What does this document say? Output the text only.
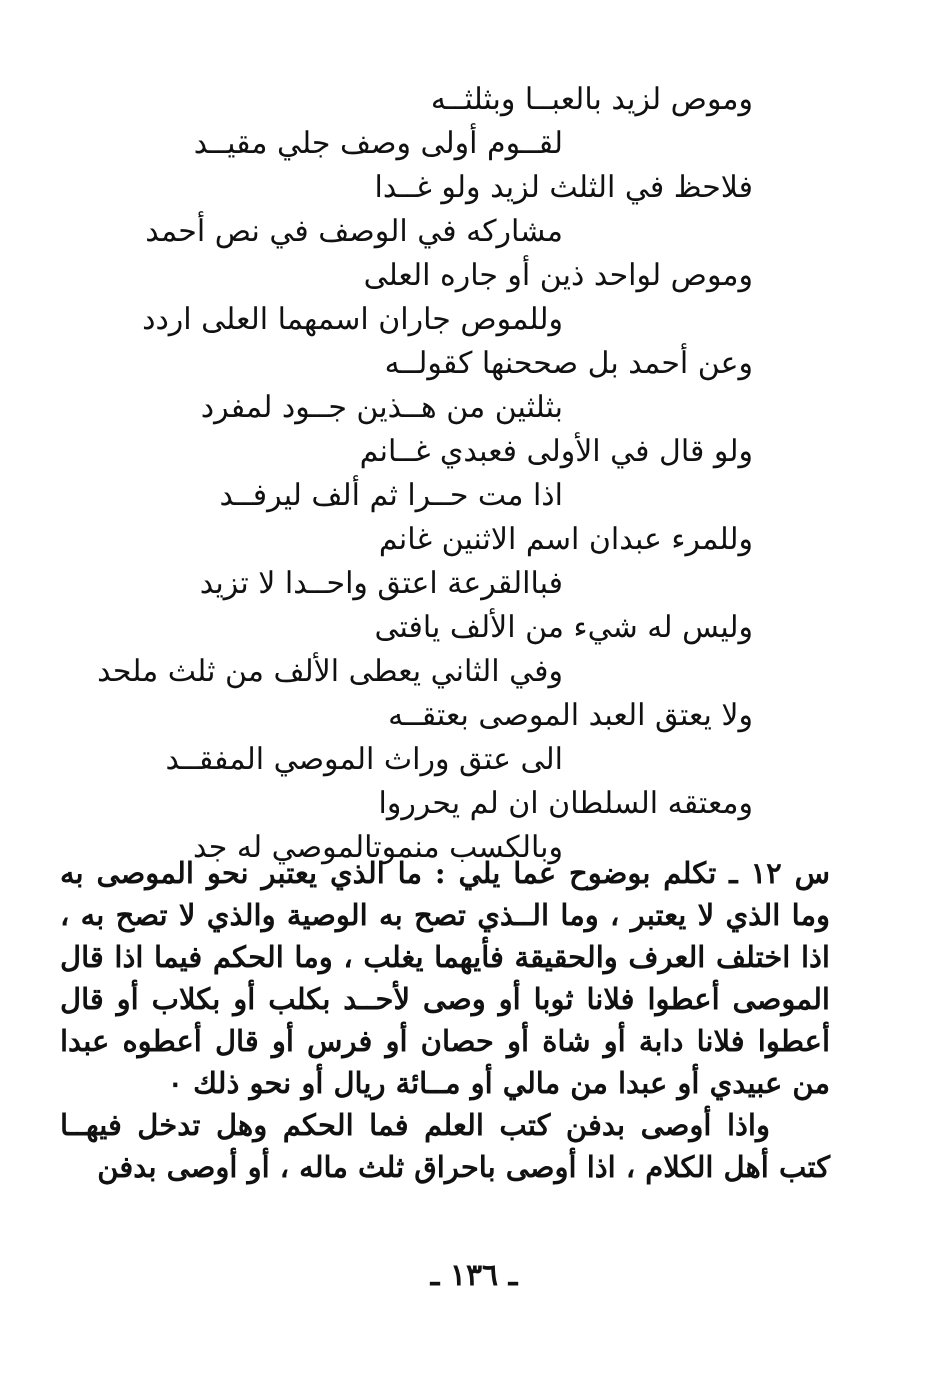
وموص لزيد بالعبــا وبثلثــه
لقــوم أولى وصف جلي مقيــد
فلاحظ في الثلث لزيد ولو غــدا
مشاركه في الوصف في نص أحمد
وموص لواحد ذين أو جاره العلى
وللموص جاران اسمهما العلى اردد
وعن أحمد بل صححنها كقولــه
بثلثين من هــذين جــود لمفرد
ولو قال في الأولى فعبدي غــانم
اذا مت حــرا ثم ألف ليرفــد
وللمرء عبدان اسم الاثنين غانم
فباالقرعة اعتق واحــدا لا تزيد
وليس له شيء من الألف يافتى
وفي الثاني يعطى الألف من ثلث ملحد
ولا يعتق العبد الموصى بعتقــه
الى عتق وراث الموصي المفقــد
ومعتقه السلطان ان لم يحرروا
وبالكسب منموتالموصي له جد

س ١٢ ـ تكلم بوضوح عما يلي : ما الذي يعتبر نحو الموصى به وما الذي لا يعتبر ، وما الــذي تصح به الوصية والذي لا تصح به ، اذا اختلف العرف والحقيقة فأيهما يغلب ، وما الحكم فيما اذا قال الموصى أعطوا فلانا ثوبا أو وصى لأحــد بكلب أو بكلاب أو قال أعطوا فلانا دابة أو شاة أو حصان أو فرس أو قال أعطوه عبدا من عبيدي أو عبدا من مالي أو مــائة ريال أو نحو ذلك ٠

واذا أوصى بدفن كتب العلم فما الحكم وهل تدخل فيهــا كتب أهل الكلام ، اذا أوصى باحراق ثلث ماله ، أو أوصى بدفن

ـ ١٣٦ ـ
